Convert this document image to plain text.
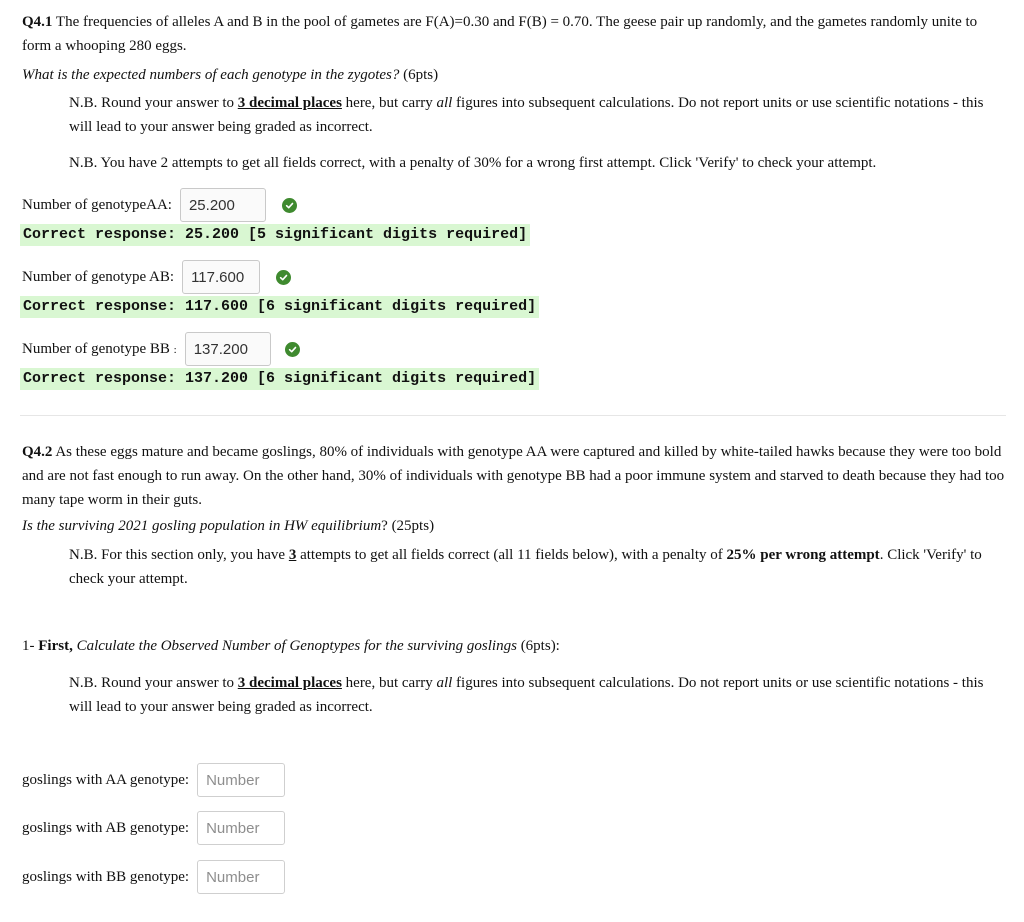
Q4.1 The frequencies of alleles A and B in the pool of gametes are F(A)=0.30 and F(B) = 0.70. The geese pair up randomly, and the gametes randomly unite to form a whooping 280 eggs.

What is the expected numbers of each genotype in the zygotes? (6pts)

N.B. Round your answer to 3 decimal places here, but carry all figures into subsequent calculations. Do not report units or use scientific notations - this will lead to your answer being graded as incorrect.

N.B. You have 2 attempts to get all fields correct, with a penalty of 30% for a wrong first attempt. Click 'Verify' to check your attempt.

Number of genotypeAA:	25.200
Correct response: 25.200 [5 significant digits required]
Number of genotype AB:	117.600
Correct response: 117.600 [6 significant digits required]
Number of genotype BB :	137.200
Correct response: 137.200 [6 significant digits required]

Q4.2 As these eggs mature and became goslings, 80% of individuals with genotype AA were captured and killed by white-tailed hawks because they were too bold and are not fast enough to run away. On the other hand, 30% of individuals with genotype BB had a poor immune system and starved to death because they had too many tape worm in their guts.

Is the surviving 2021 gosling population in HW equilibrium? (25pts)

N.B. For this section only, you have 3 attempts to get all fields correct (all 11 fields below), with a penalty of 25% per wrong attempt. Click 'Verify' to check your attempt.

1- First, Calculate the Observed Number of Genoptypes for the surviving goslings (6pts):

N.B. Round your answer to 3 decimal places here, but carry all figures into subsequent calculations. Do not report units or use scientific notations - this will lead to your answer being graded as incorrect.

goslings with AA genotype:	Number
goslings with AB genotype:	Number
goslings with BB genotype:	Number
